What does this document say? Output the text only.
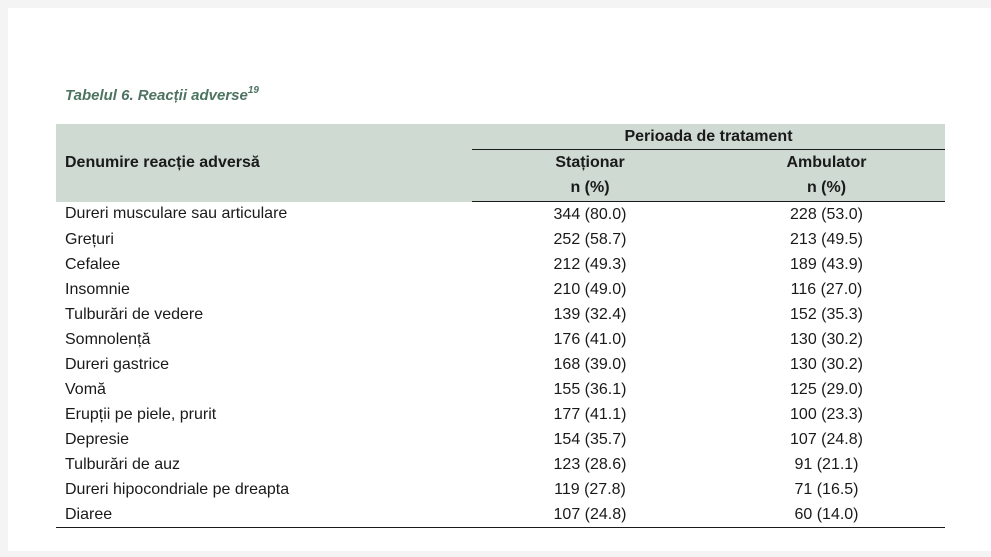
Tabelul 6. Reacții adverse$^{19}$
Denumire reacție adversă	Perioada de tratament	
	Staționar	Ambulator
	n (%)	n (%)
Dureri musculare sau articulare	344 (80.0)	228 (53.0)
Grețuri	252 (58.7)	213 (49.5)
Cefalee	212 (49.3)	189 (43.9)
Insomnie	210 (49.0)	116 (27.0)
Tulburări de vedere	139 (32.4)	152 (35.3)
Somnolență	176 (41.0)	130 (30.2)
Dureri gastrice	168 (39.0)	130 (30.2)
Vomă	155 (36.1)	125 (29.0)
Erupții pe piele, prurit	177 (41.1)	100 (23.3)
Depresie	154 (35.7)	107 (24.8)
Tulburări de auz	123 (28.6)	91 (21.1)
Dureri hipocondriale pe dreapta	119 (27.8)	71 (16.5)
Diaree	107 (24.8)	60 (14.0)
